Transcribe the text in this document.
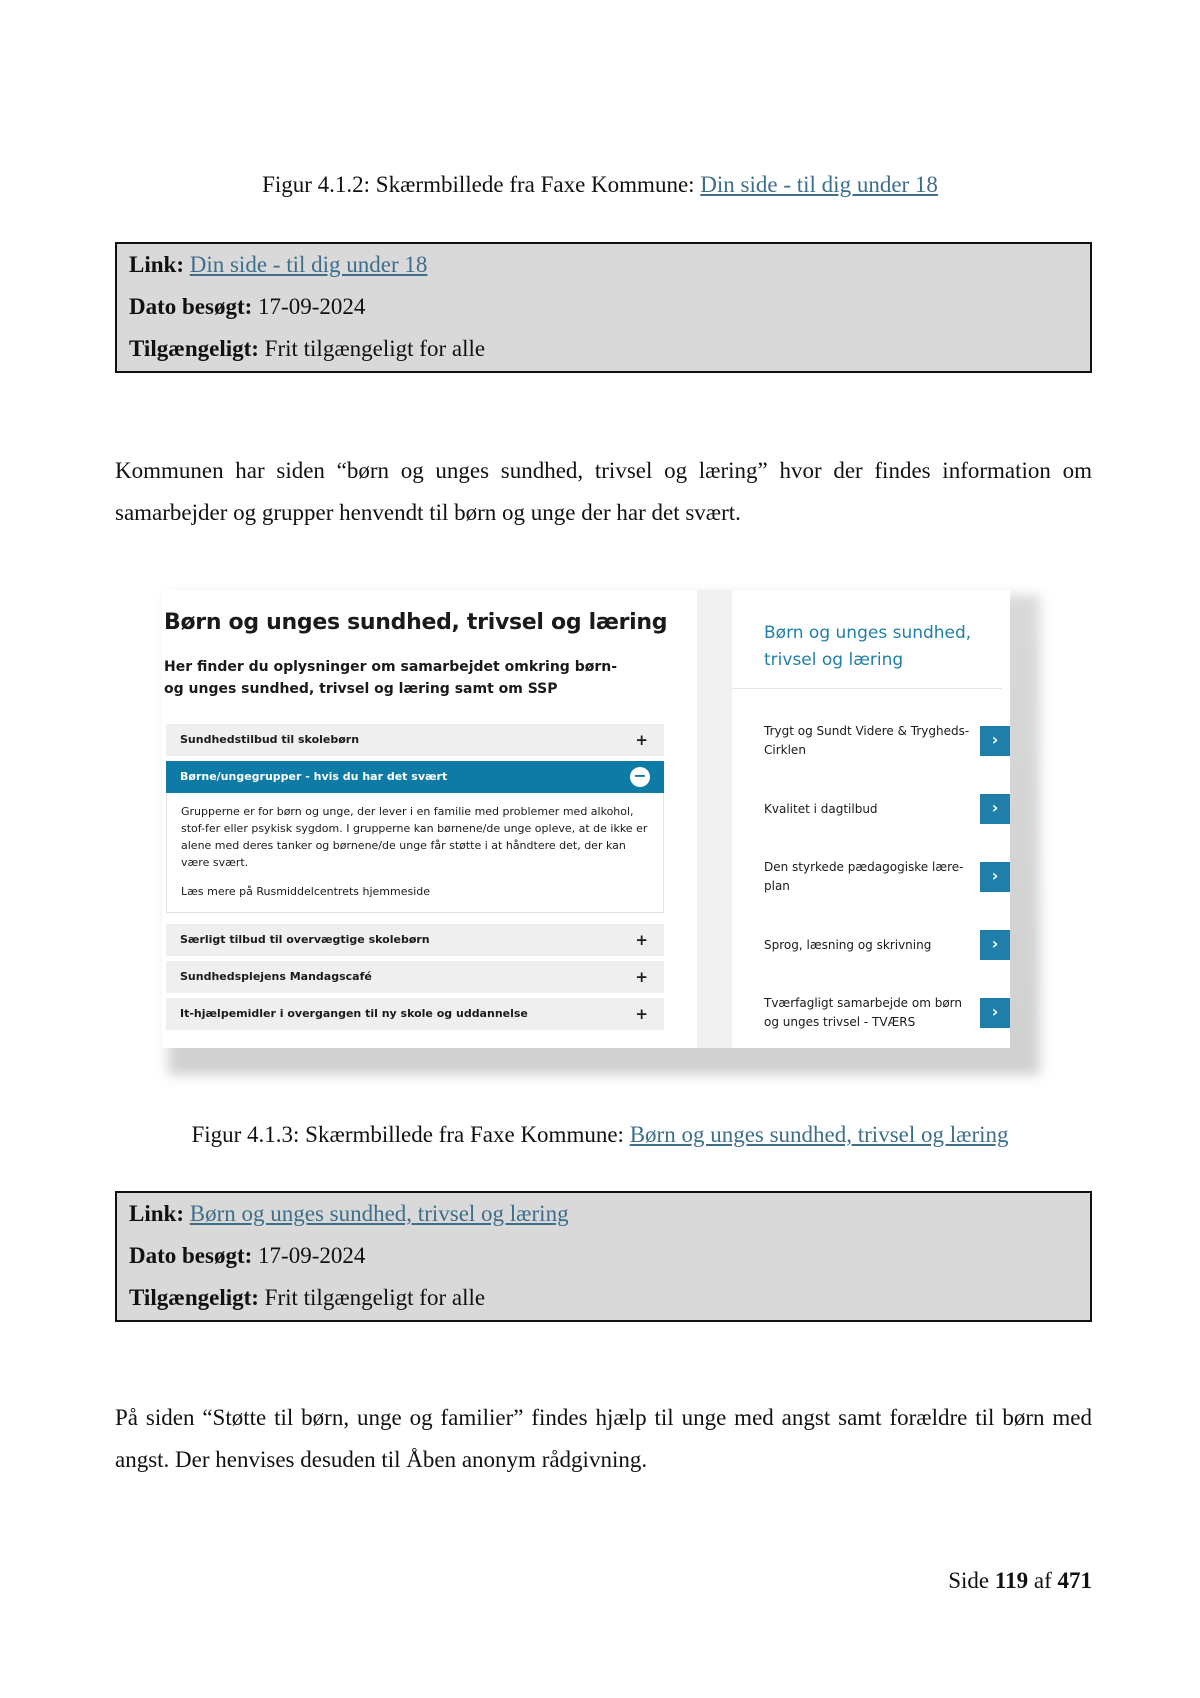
Figur 4.1.2: Skærmbillede fra Faxe Kommune: Din side - til dig under 18
Link: Din side - til dig under 18
Dato besøgt: 17-09-2024
Tilgængeligt: Frit tilgængeligt for alle

Kommunen har siden “børn og unges sundhed, trivsel og læring” hvor der findes information om samarbejder og grupper henvendt til børn og unge der har det svært.

Børn og unges sundhed, trivsel og læring
Her finder du oplysninger om samarbejdet omkring børn- og unges sundhed, trivsel og læring samt om SSP
Sundhedstilbud til skolebørn	+
Børne/ungegrupper - hvis du har det svært	−

Grupperne er for børn og unge, der lever i en familie med problemer med alkohol, stof-fer eller psykisk sygdom. I grupperne kan børnene/de unge opleve, at de ikke er alene med deres tanker og børnene/de unge får støtte i at håndtere det, der kan være svært.

Læs mere på Rusmiddelcentrets hjemmeside

Særligt tilbud til overvægtige skolebørn	+
Sundhedsplejens Mandagscafé	+
It-hjælpemidler i overgangen til ny skole og uddannelse	+
Børn og unges sundhed, trivsel og læring
Trygt og Sundt Videre & Trygheds-Cirklen
›
Kvalitet i dagtilbud	›
Den styrkede pædagogiske lære-plan
›
Sprog, læsning og skrivning	›
Tværfagligt samarbejde om børn og unges trivsel - TVÆRS
›
Figur 4.1.3: Skærmbillede fra Faxe Kommune: Børn og unges sundhed, trivsel og læring
Link: Børn og unges sundhed, trivsel og læring
Dato besøgt: 17-09-2024
Tilgængeligt: Frit tilgængeligt for alle

På siden “Støtte til børn, unge og familier” findes hjælp til unge med angst samt forældre til børn med angst. Der henvises desuden til Åben anonym rådgivning.

Side 119 af 471
